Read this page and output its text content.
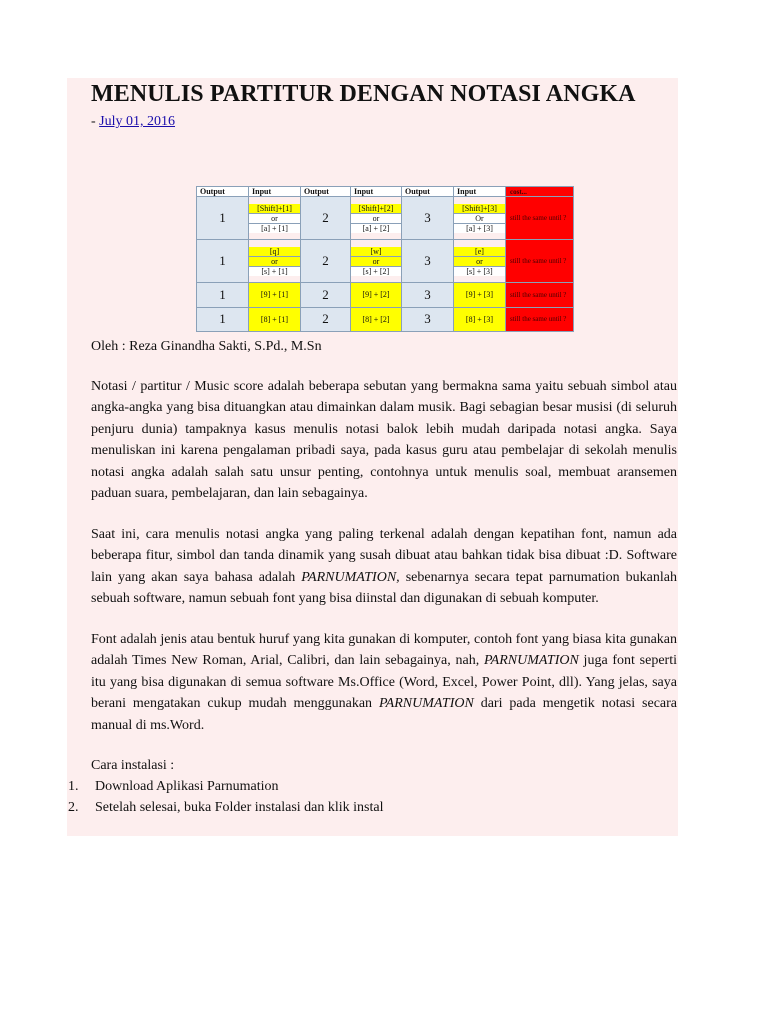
MENULIS PARTITUR DENGAN NOTASI ANGKA
- July 01, 2016
Output	Input	Output	Input	Output	Input	cost...
1	[Shift]+[1]
or
[a] + [1]	2	[Shift]+[2]
or
[a] + [2]	3	[Shift]+[3]
Or
[a] + [3]	still the same until ?
1	[q]
or
[s] + [1]	2	[w]
or
[s] + [2]	3	[e]
or
[s] + [3]	still the same until ?
1	[9] + [1]	2	[9] + [2]	3	[9] + [3]	still the same until ?
1	[8] + [1]	2	[8] + [2]	3	[8] + [3]	still the same until ?
Oleh : Reza Ginandha Sakti, S.Pd., M.Sn
Notasi / partitur / Music score adalah beberapa sebutan yang bermakna sama yaitu sebuah simbol atau angka-angka yang bisa dituangkan atau dimainkan dalam musik. Bagi sebagian besar musisi (di seluruh penjuru dunia) tampaknya kasus menulis notasi balok lebih mudah daripada notasi angka. Saya menuliskan ini karena pengalaman pribadi saya, pada kasus guru atau pembelajar di sekolah menulis notasi angka adalah salah satu unsur penting, contohnya untuk menulis soal, membuat aransemen paduan suara, pembelajaran, dan lain sebagainya.
Saat ini, cara menulis notasi angka yang paling terkenal adalah dengan kepatihan font, namun ada beberapa fitur, simbol dan tanda dinamik yang susah dibuat atau bahkan tidak bisa dibuat :D. Software lain yang akan saya bahasa adalah PARNUMATION, sebenarnya secara tepat parnumation bukanlah sebuah software, namun sebuah font yang bisa diinstal dan digunakan di sebuah komputer.
Font adalah jenis atau bentuk huruf yang kita gunakan di komputer, contoh font yang biasa kita gunakan adalah Times New Roman, Arial, Calibri, dan lain sebagainya, nah, PARNUMATION juga font seperti itu yang bisa digunakan di semua software Ms.Office (Word, Excel, Power Point, dll). Yang jelas, saya berani mengatakan cukup mudah menggunakan PARNUMATION dari pada mengetik notasi secara manual di ms.Word.
Cara instalasi :
1. Download Aplikasi Parnumation
2. Setelah selesai, buka Folder instalasi dan klik instal
